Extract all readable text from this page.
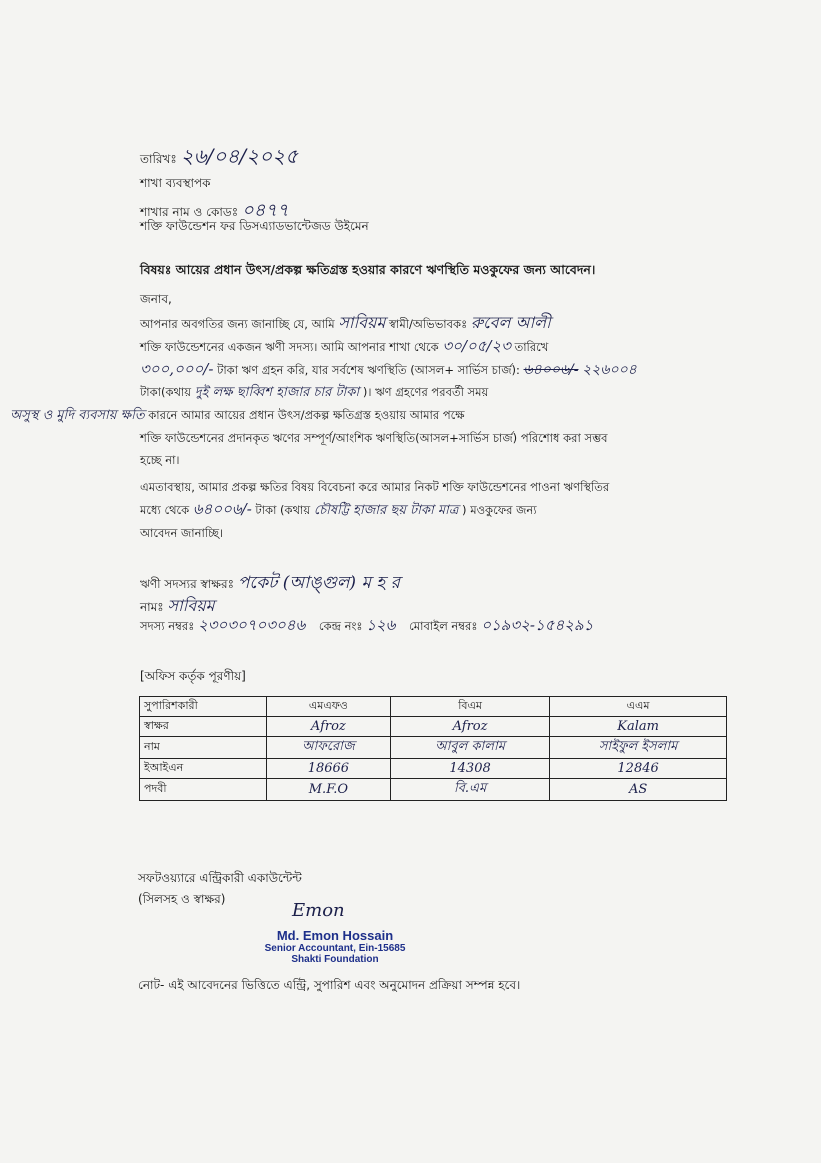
তারিখঃ ২৬/০৪/২০২৫
শাখা ব্যবস্থাপক
শাখার নাম ও কোডঃ ০৪৭৭
শক্তি ফাউন্ডেশন ফর ডিসএ্যাডভান্টেজড উইমেন
বিষয়ঃ আয়ের প্রধান উৎস/প্রকল্প ক্ষতিগ্রস্ত হওয়ার কারণে ঋণস্থিতি মওকুফের জন্য আবেদন।
জনাব,
আপনার অবগতির জন্য জানাচ্ছি যে, আমি সাবিয়ম স্বামী/অভিভাবকঃ রুবেল আলী
শক্তি ফাউন্ডেশনের একজন ঋণী সদস্য। আমি আপনার শাখা থেকে ৩০/০৫/২৩ তারিখে
৩০০,০০০/- টাকা ঋণ গ্রহন করি, যার সর্বশেষ ঋণস্থিতি (আসল+ সার্ভিস চার্জ): ৬৪০০৬/- ২২৬০০৪
টাকা(কথায় দুই লক্ষ ছাব্বিশ হাজার চার টাকা )। ঋণ গ্রহণের পরবর্তী সময়
অসুস্থ ও মুদি ব্যবসায় ক্ষতি কারনে আমার আয়ের প্রধান উৎস/প্রকল্প ক্ষতিগ্রস্ত হওয়ায় আমার পক্ষে
শক্তি ফাউন্ডেশনের প্রদানকৃত ঋণের সম্পূর্ণ/আংশিক ঋণস্থিতি(আসল+সার্ভিস চার্জ) পরিশোধ করা সম্ভব
হচ্ছে না।
এমতাবস্থায়, আমার প্রকল্প ক্ষতির বিষয় বিবেচনা করে আমার নিকট শক্তি ফাউন্ডেশনের পাওনা ঋণস্থিতির
মধ্যে থেকে ৬৪০০৬/- টাকা (কথায় চৌষট্টি হাজার ছয় টাকা মাত্র ) মওকুফের জন্য
আবেদন জানাচ্ছি।
ঋণী সদস্যর স্বাক্ষরঃ পকেট (আঙ্গুল) ম হ র
নামঃ সাবিয়ম
সদস্য নম্বরঃ ২৩০৩০৭০৩০৪৬ কেন্দ্র নংঃ ১২৬ মোবাইল নম্বরঃ ০১৯৩২-১৫৪২৯১
[অফিস কর্তৃক পূরণীয়]
সুপারিশকারী	এমএফও	বিএম	এএম
স্বাক্ষর	Afroz	Afroz	Kalam
নাম	আফরোজ	আবুল কালাম	সাইফুল ইসলাম
ইআইএন	18666	14308	12846
পদবী	M.F.O	বি.এম	AS
সফটওয়্যারে এন্ট্রিকারী একাউন্টেন্ট
(সিলসহ ও স্বাক্ষর)
Emon
Md. Emon Hossain
Senior Accountant, Ein-15685
Shakti Foundation
নোট- এই আবেদনের ভিত্তিতে এন্ট্রি, সুপারিশ এবং অনুমোদন প্রক্রিয়া সম্পন্ন হবে।
